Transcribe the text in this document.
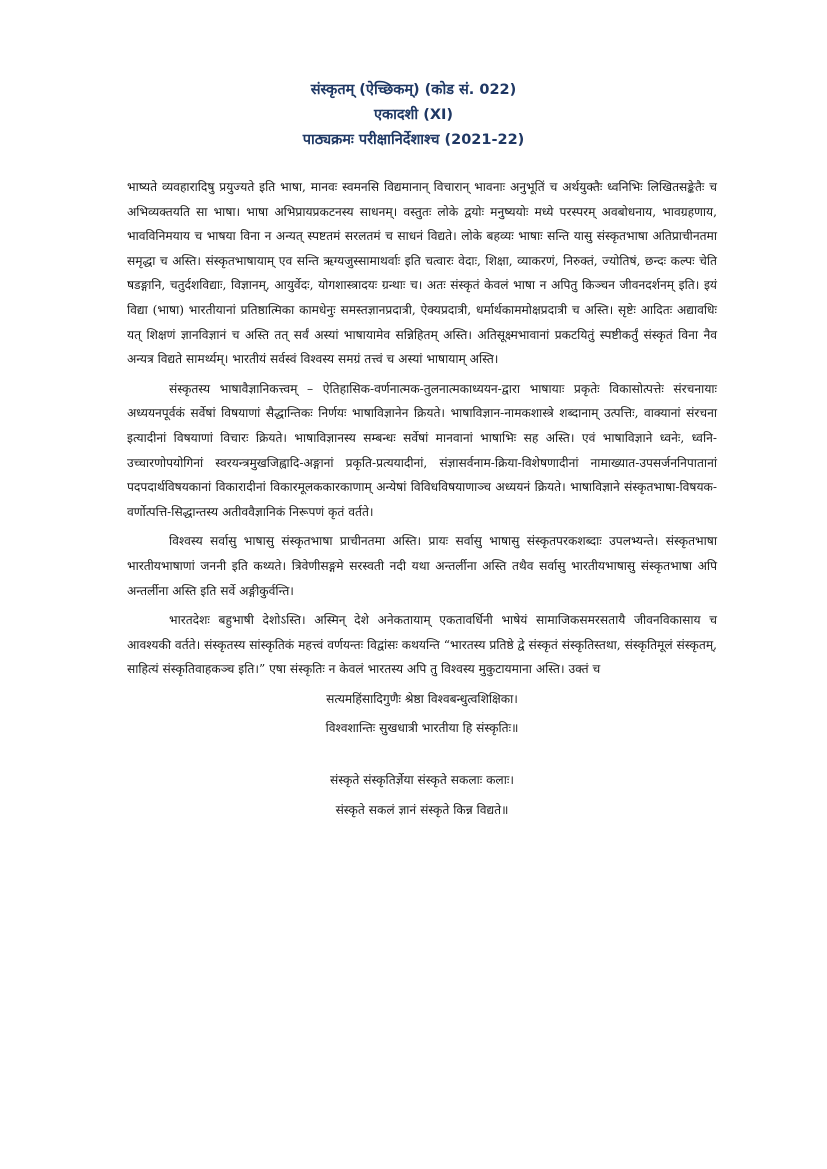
संस्कृतम् (ऐच्छिकम्) (कोड सं. 022)
एकादशी (XI)
पाठ्यक्रमः परीक्षानिर्देशाश्च (2021-22)

भाष्यते व्यवहारादिषु प्रयुज्यते इति भाषा, मानवः स्वमनसि विद्यमानान् विचारान् भावनाः अनुभूतिं च अर्थयुक्तैः ध्वनिभिः लिखितसङ्केतैः च अभिव्यक्तयति सा भाषा। भाषा अभिप्रायप्रकटनस्य साधनम्। वस्तुतः लोके द्वयोः मनुष्ययोः मध्ये परस्परम् अवबोधनाय, भावग्रहणाय, भावविनिमयाय च भाषया विना न अन्यत् स्पष्टतमं सरलतमं च साधनं विद्यते। लोके बहव्यः भाषाः सन्ति यासु संस्कृतभाषा अतिप्राचीनतमा समृद्धा च अस्ति। संस्कृतभाषायाम् एव सन्ति ऋग्यजुस्सामाथर्वाः इति चत्वारः वेदाः, शिक्षा, व्याकरणं, निरुक्तं, ज्योतिषं, छन्दः कल्पः चेति षडङ्गानि, चतुर्दशविद्याः, विज्ञानम्, आयुर्वेदः, योगशास्त्रादयः ग्रन्थाः च। अतः संस्कृतं केवलं भाषा न अपितु किञ्चन जीवनदर्शनम् इति। इयं विद्या (भाषा) भारतीयानां प्रतिष्ठात्मिका कामधेनुः समस्तज्ञानप्रदात्री, ऐक्यप्रदात्री, धर्मार्थकाममोक्षप्रदात्री च अस्ति। सृष्टेः आदितः अद्यावधिः यत् शिक्षणं ज्ञानविज्ञानं च अस्ति तत् सर्वं अस्यां भाषायामेव सन्निहितम् अस्ति। अतिसूक्ष्मभावानां प्रकटयितुं स्पष्टीकर्तुं संस्कृतं विना नैव अन्यत्र विद्यते सामर्थ्यम्। भारतीयं सर्वस्वं विश्वस्य समग्रं तत्त्वं च अस्यां भाषायाम् अस्ति।

संस्कृतस्य भाषावैज्ञानिकत्त्वम् – ऐतिहासिक-वर्णनात्मक-तुलनात्मकाध्ययन-द्वारा भाषायाः प्रकृतेः विकासोत्पत्तेः संरचनायाः अध्ययनपूर्वकं सर्वेषां विषयाणां सैद्धान्तिकः निर्णयः भाषाविज्ञानेन क्रियते। भाषाविज्ञान-नामकशास्त्रे शब्दानाम् उत्पत्तिः, वाक्यानां संरचना इत्यादीनां विषयाणां विचारः क्रियते। भाषाविज्ञानस्य सम्बन्धः सर्वेषां मानवानां भाषाभिः सह अस्ति। एवं भाषाविज्ञाने ध्वनेः, ध्वनि-उच्चारणोपयोगिनां स्वरयन्त्रमुखजिह्वादि-अङ्गानां प्रकृति-प्रत्ययादीनां, संज्ञासर्वनाम-क्रिया-विशेषणादीनां नामाख्यात-उपसर्जननिपातानां पदपदार्थविषयकानां विकारादीनां विकारमूलककारकाणाम् अन्येषां विविधविषयाणाञ्च अध्ययनं क्रियते। भाषाविज्ञाने संस्कृतभाषा-विषयक-वर्णोत्पत्ति-सिद्धान्तस्य अतीववैज्ञानिकं निरूपणं कृतं वर्तते।

विश्वस्य सर्वासु भाषासु संस्कृतभाषा प्राचीनतमा अस्ति। प्रायः सर्वासु भाषासु संस्कृतपरकशब्दाः उपलभ्यन्ते। संस्कृतभाषा भारतीयभाषाणां जननी इति कथ्यते। त्रिवेणीसङ्गमे सरस्वती नदी यथा अन्तर्लीना अस्ति तथैव सर्वासु भारतीयभाषासु संस्कृतभाषा अपि अन्तर्लीना अस्ति इति सर्वे अङ्गीकुर्वन्ति।

भारतदेशः बहुभाषी देशोऽस्ति। अस्मिन् देशे अनेकतायाम् एकतावर्धिनी भाषेयं सामाजिकसमरसतायै जीवनविकासाय च आवश्यकी वर्तते। संस्कृतस्य सांस्कृतिकं महत्त्वं वर्णयन्तः विद्वांसः कथयन्ति “भारतस्य प्रतिष्ठे द्वे संस्कृतं संस्कृतिस्तथा, संस्कृतिमूलं संस्कृतम्, साहित्यं संस्कृतिवाहकञ्च इति।” एषा संस्कृतिः न केवलं भारतस्य अपि तु विश्वस्य मुकुटायमाना अस्ति। उक्तं च

सत्यमहिंसादिगुणैः श्रेष्ठा विश्वबन्धुत्वशिक्षिका।

विश्वशान्तिः सुखधात्री भारतीया हि संस्कृतिः॥

संस्कृते संस्कृतिर्ज्ञेया संस्कृते सकलाः कलाः।

संस्कृते सकलं ज्ञानं संस्कृते किन्न विद्यते॥
